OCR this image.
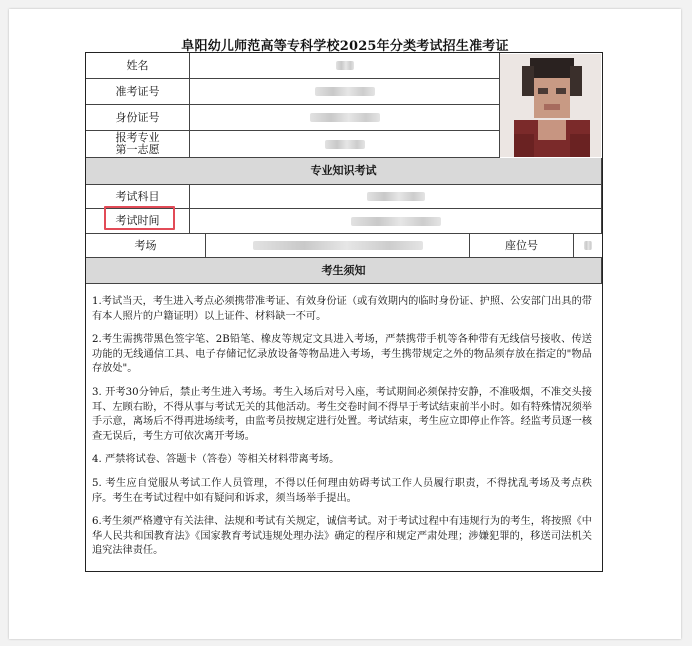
阜阳幼儿师范高等专科学校2025年分类考试招生准考证
姓名
准考证号
身份证号
报考专业
第一志愿
专业知识考试
考试科目
考试时间
考场	座位号
考生须知

1.考试当天，考生进入考点必须携带准考证、有效身份证（或有效期内的临时身份证、护照、公安部门出具的带有本人照片的户籍证明）以上证件、材料缺一不可。

2.考生需携带黑色签字笔、2B铅笔、橡皮等规定文具进入考场，严禁携带手机等各种带有无线信号接收、传送功能的无线通信工具、电子存储记忆录放设备等物品进入考场，考生携带规定之外的物品须存放在指定的"物品存放处"。

3. 开考30分钟后，禁止考生进入考场。考生入场后对号入座，考试期间必须保持安静，不准吸烟，不准交头接耳、左顾右盼，不得从事与考试无关的其他活动。考生交卷时间不得早于考试结束前半小时。如有特殊情况须举手示意，离场后不得再进场续考，由监考员按规定进行处置。考试结束，考生应立即停止作答。经监考员逐一核查无误后，考生方可依次离开考场。

4. 严禁将试卷、答题卡（答卷）等相关材料带离考场。

5. 考生应自觉服从考试工作人员管理，不得以任何理由妨碍考试工作人员履行职责，不得扰乱考场及考点秩序。考生在考试过程中如有疑问和诉求，须当场举手提出。

6.考生须严格遵守有关法律、法规和考试有关规定，诚信考试。对于考试过程中有违规行为的考生，将按照《中华人民共和国教育法》《国家教育考试违规处理办法》确定的程序和规定严肃处理；涉嫌犯罪的，移送司法机关追究法律责任。
